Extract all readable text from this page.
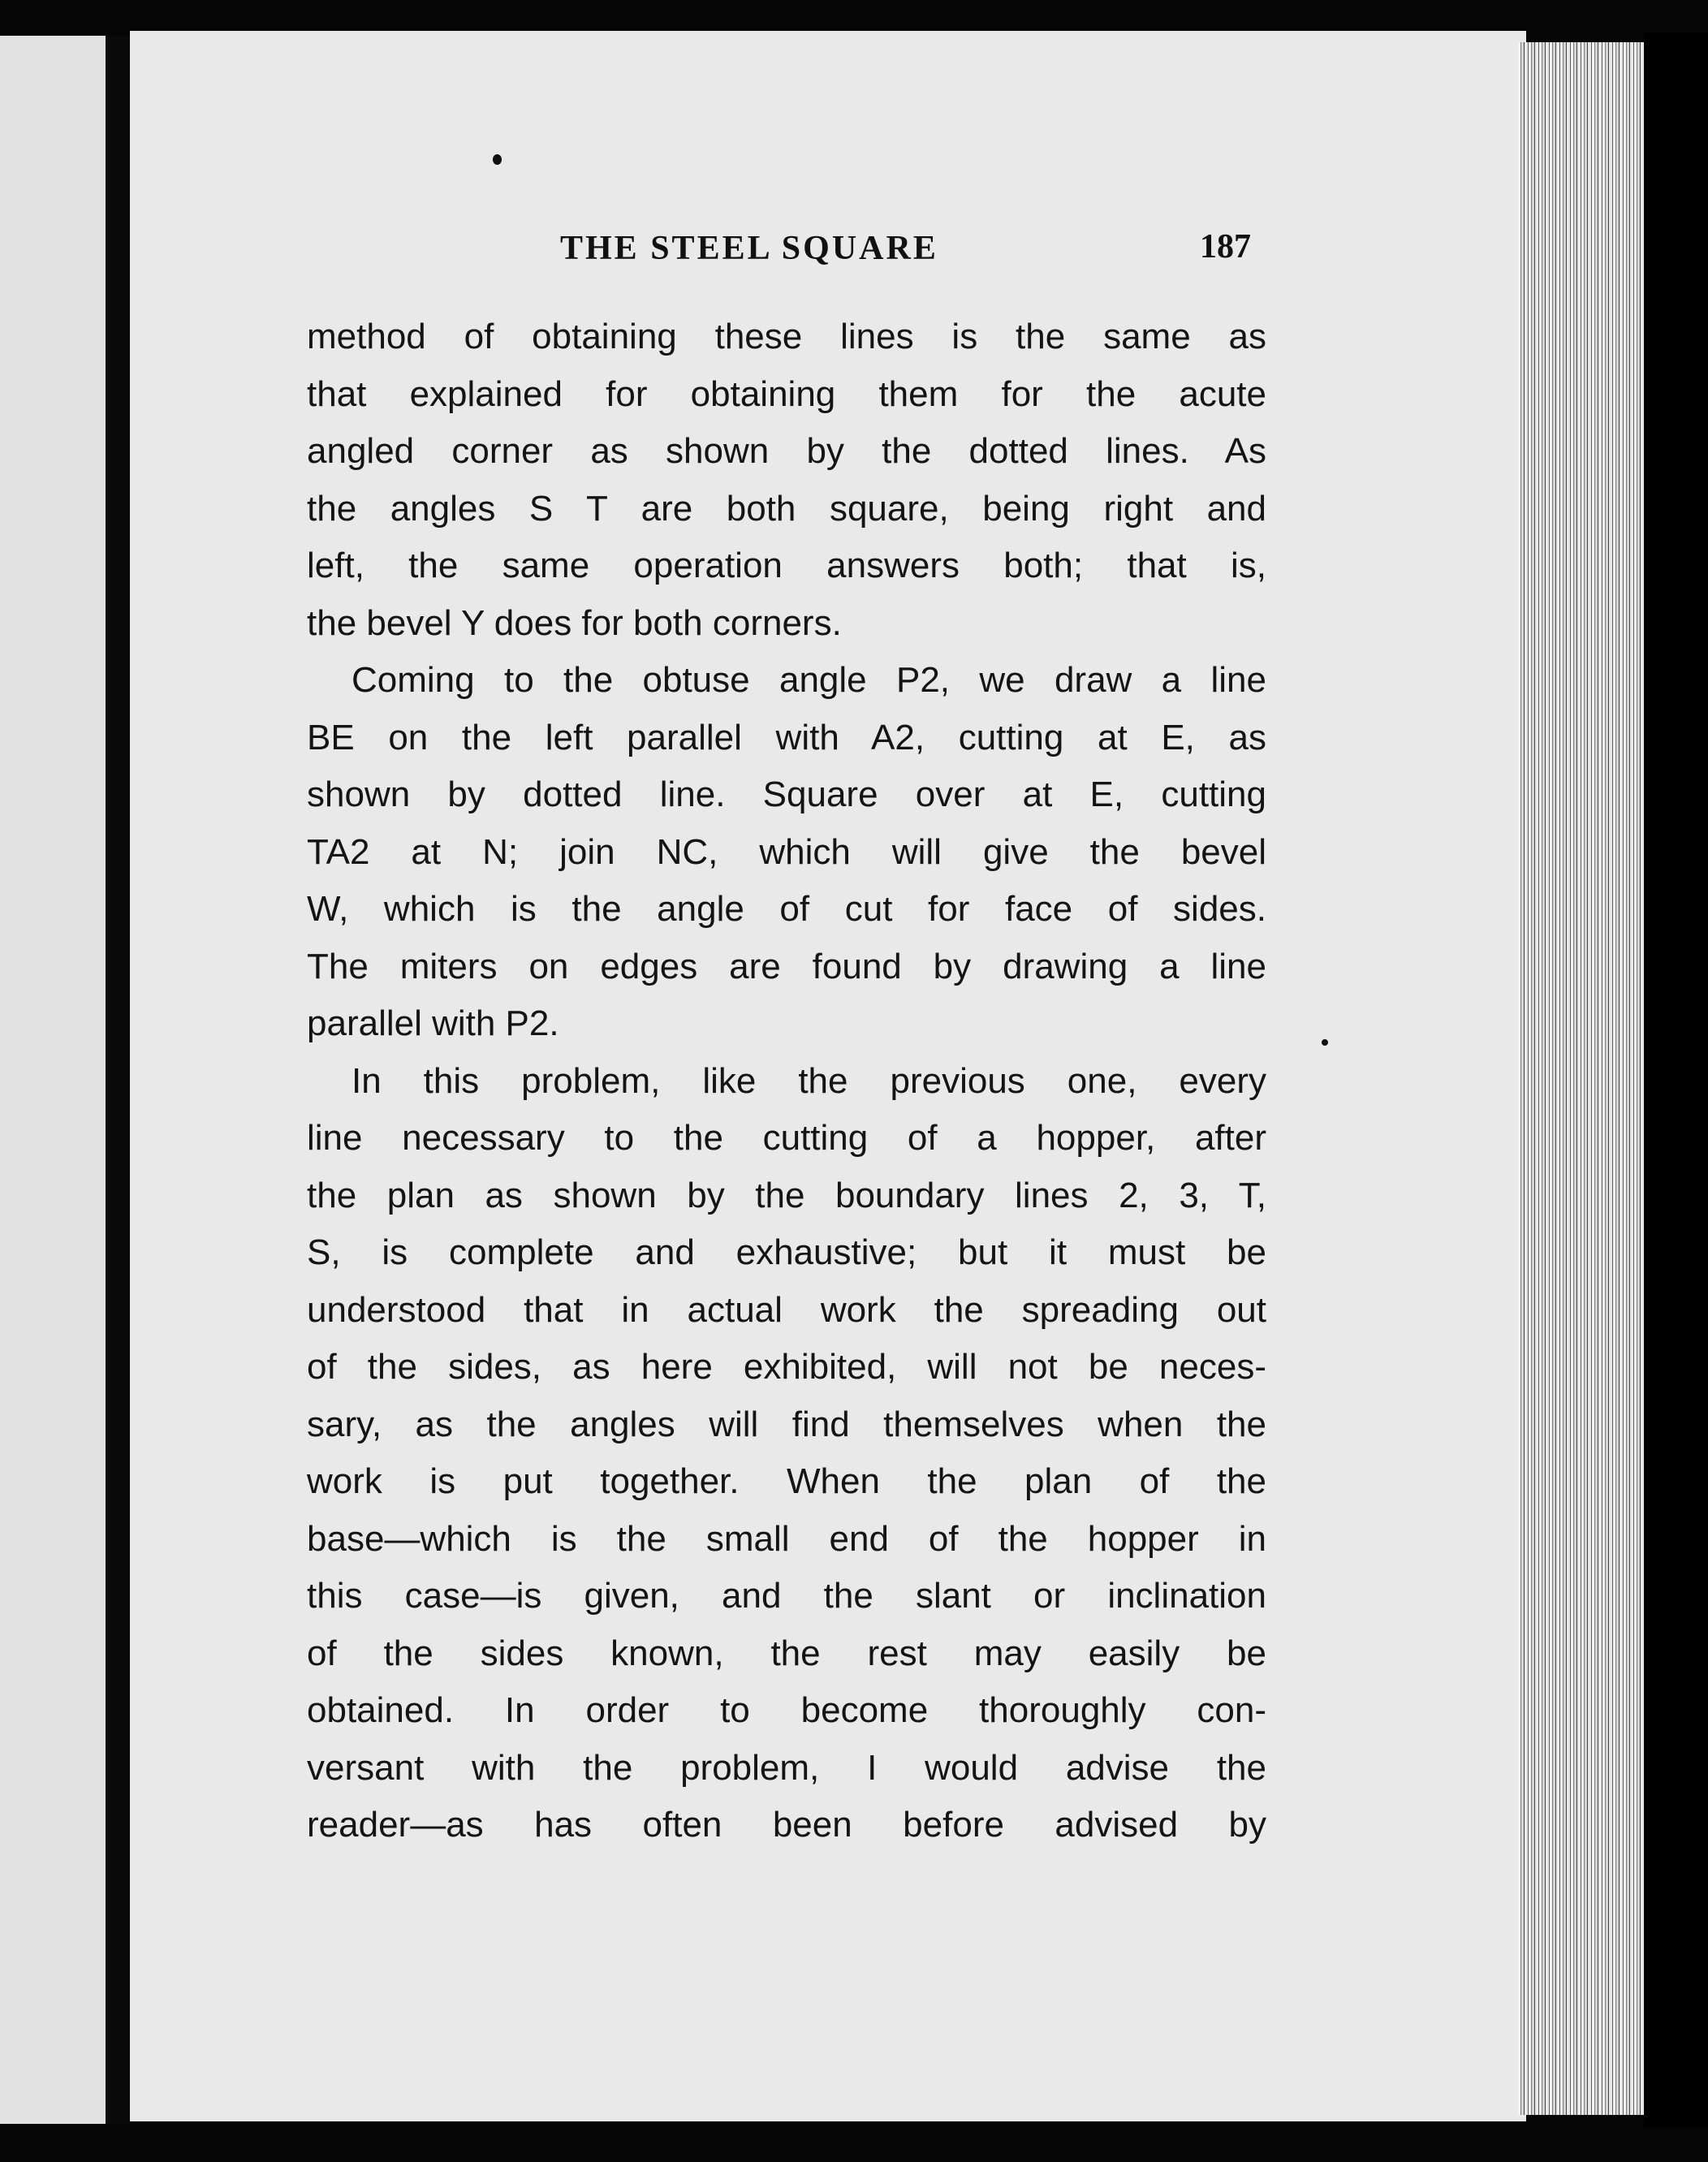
THE STEEL SQUARE	187
method of obtaining these lines is the same as
that explained for obtaining them for the acute
angled corner as shown by the dotted lines. As
the angles S T are both square, being right and
left, the same operation answers both; that is,
the bevel Y does for both corners.
Coming to the obtuse angle P2, we draw a line
BE on the left parallel with A2, cutting at E, as
shown by dotted line. Square over at E, cutting
TA2 at N; join NC, which will give the bevel
W, which is the angle of cut for face of sides.
The miters on edges are found by drawing a line
parallel with P2.
In this problem, like the previous one, every
line necessary to the cutting of a hopper, after
the plan as shown by the boundary lines 2, 3, T,
S, is complete and exhaustive; but it must be
understood that in actual work the spreading out
of the sides, as here exhibited, will not be neces-
sary, as the angles will find themselves when the
work is put together. When the plan of the
base—which is the small end of the hopper in
this case—is given, and the slant or inclination
of the sides known, the rest may easily be
obtained. In order to become thoroughly con-
versant with the problem, I would advise the
reader—as has often been before advised by
